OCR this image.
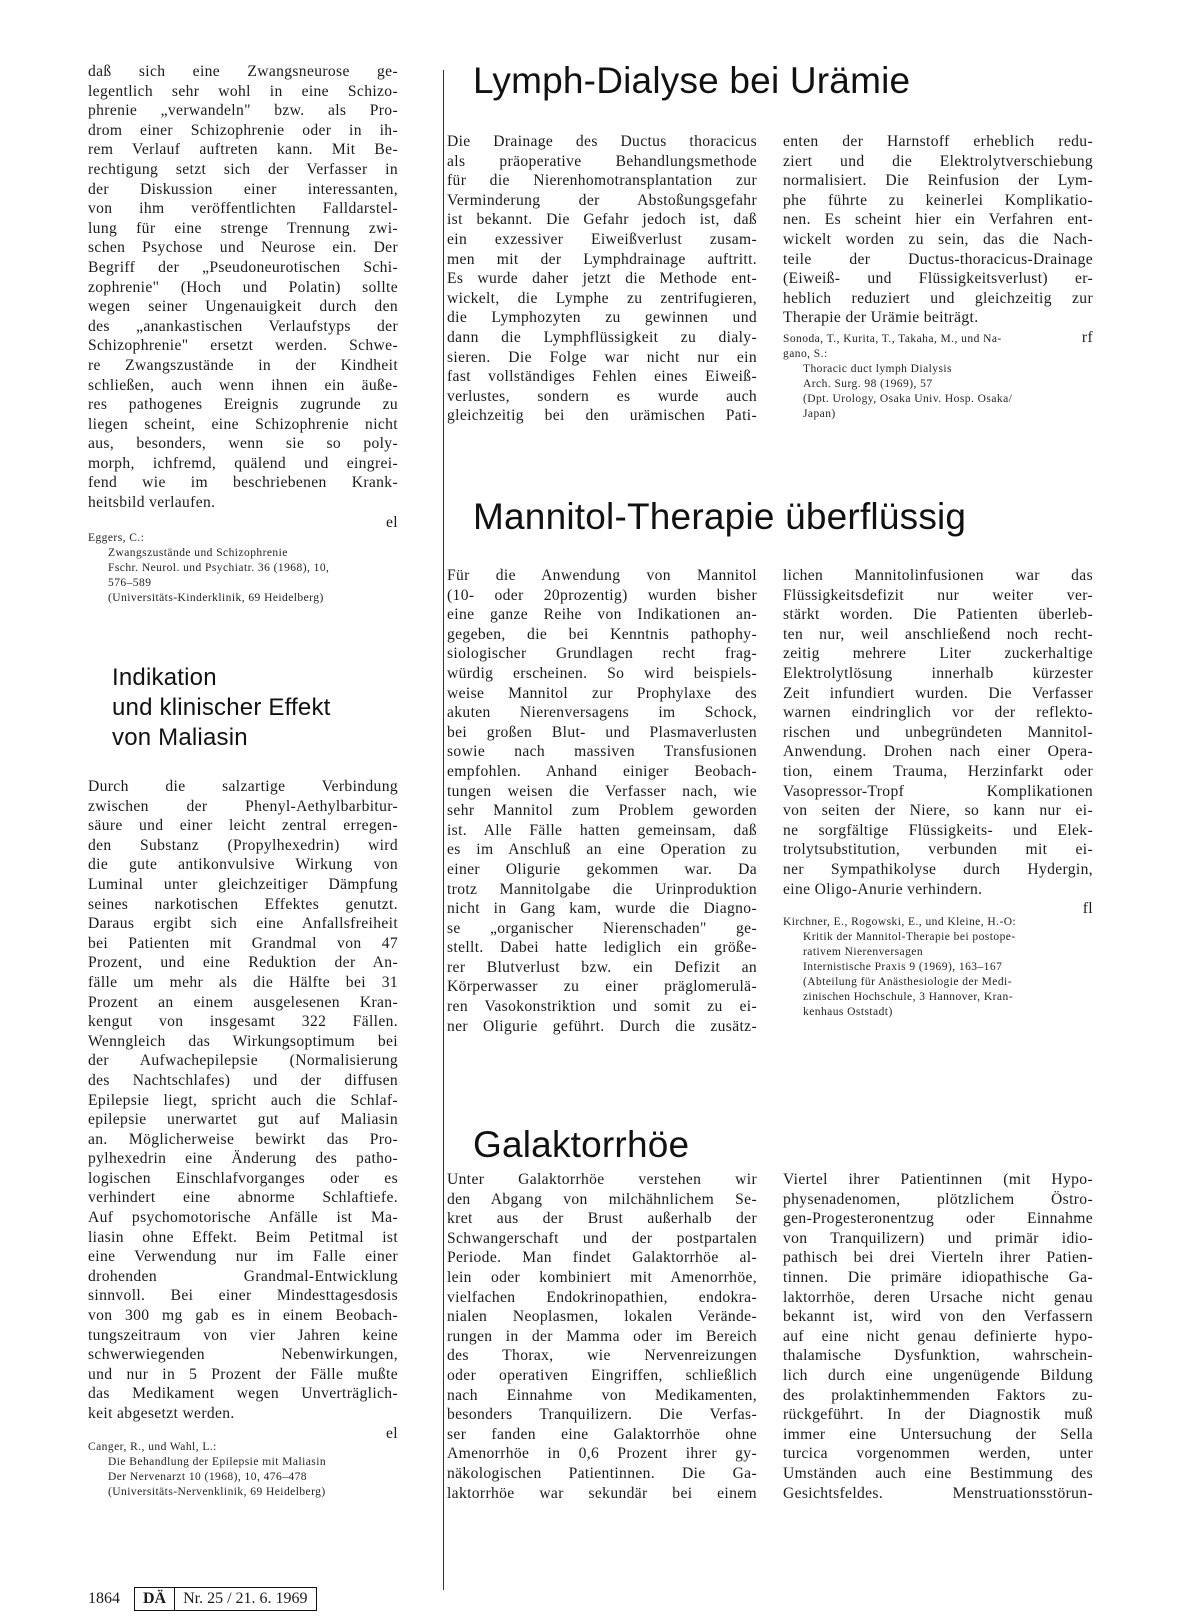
daß sich eine Zwangsneurose ge-
legentlich sehr wohl in eine Schizo-
phrenie „verwandeln" bzw. als Pro-
drom einer Schizophrenie oder in ih-
rem Verlauf auftreten kann. Mit Be-
rechtigung setzt sich der Verfasser in
der Diskussion einer interessanten,
von ihm veröffentlichten Falldarstel-
lung für eine strenge Trennung zwi-
schen Psychose und Neurose ein. Der
Begriff der „Pseudoneurotischen Schi-
zophrenie" (Hoch und Polatin) sollte
wegen seiner Ungenauigkeit durch den
des „anankastischen Verlaufstyps der
Schizophrenie" ersetzt werden. Schwe-
re Zwangszustände in der Kindheit
schließen, auch wenn ihnen ein äuße-
res pathogenes Ereignis zugrunde zu
liegen scheint, eine Schizophrenie nicht
aus, besonders, wenn sie so poly-
morph, ichfremd, quälend und eingrei-
fend wie im beschriebenen Krank-
heitsbild verlaufen.
el
Eggers, C.:
Zwangszustände und Schizophrenie
Fschr. Neurol. und Psychiatr. 36 (1968), 10,
576–589
(Universitäts-Kinderklinik, 69 Heidelberg)
Indikation
und klinischer Effekt
von Maliasin
Durch die salzartige Verbindung
zwischen der Phenyl-Aethylbarbitur-
säure und einer leicht zentral erregen-
den Substanz (Propylhexedrin) wird
die gute antikonvulsive Wirkung von
Luminal unter gleichzeitiger Dämpfung
seines narkotischen Effektes genutzt.
Daraus ergibt sich eine Anfallsfreiheit
bei Patienten mit Grandmal von 47
Prozent, und eine Reduktion der An-
fälle um mehr als die Hälfte bei 31
Prozent an einem ausgelesenen Kran-
kengut von insgesamt 322 Fällen.
Wenngleich das Wirkungsoptimum bei
der Aufwachepilepsie (Normalisierung
des Nachtschlafes) und der diffusen
Epilepsie liegt, spricht auch die Schlaf-
epilepsie unerwartet gut auf Maliasin
an. Möglicherweise bewirkt das Pro-
pylhexedrin eine Änderung des patho-
logischen Einschlafvorganges oder es
verhindert eine abnorme Schlaftiefe.
Auf psychomotorische Anfälle ist Ma-
liasin ohne Effekt. Beim Petitmal ist
eine Verwendung nur im Falle einer
drohenden Grandmal-Entwicklung
sinnvoll. Bei einer Mindesttagesdosis
von 300 mg gab es in einem Beobach-
tungszeitraum von vier Jahren keine
schwerwiegenden Nebenwirkungen,
und nur in 5 Prozent der Fälle mußte
das Medikament wegen Unverträglich-
keit abgesetzt werden.
el
Canger, R., und Wahl, L.:
Die Behandlung der Epilepsie mit Maliasin
Der Nervenarzt 10 (1968), 10, 476–478
(Universitäts-Nervenklinik, 69 Heidelberg)
Lymph-Dialyse bei Urämie
Die Drainage des Ductus thoracicus
als präoperative Behandlungsmethode
für die Nierenhomotransplantation zur
Verminderung der Abstoßungsgefahr
ist bekannt. Die Gefahr jedoch ist, daß
ein exzessiver Eiweißverlust zusam-
men mit der Lymphdrainage auftritt.
Es wurde daher jetzt die Methode ent-
wickelt, die Lymphe zu zentrifugieren,
die Lymphozyten zu gewinnen und
dann die Lymphflüssigkeit zu dialy-
sieren. Die Folge war nicht nur ein
fast vollständiges Fehlen eines Eiweiß-
verlustes, sondern es wurde auch
gleichzeitig bei den urämischen Pati-
enten der Harnstoff erheblich redu-
ziert und die Elektrolytverschiebung
normalisiert. Die Reinfusion der Lym-
phe führte zu keinerlei Komplikatio-
nen. Es scheint hier ein Verfahren ent-
wickelt worden zu sein, das die Nach-
teile der Ductus-thoracicus-Drainage
(Eiweiß- und Flüssigkeitsverlust) er-
heblich reduziert und gleichzeitig zur
Therapie der Urämie beiträgt.
rf
Sonoda, T., Kurita, T., Takaha, M., und Na-
gano, S.:
Thoracic duct lymph Dialysis
Arch. Surg. 98 (1969), 57
(Dpt. Urology, Osaka Univ. Hosp. Osaka/
Japan)
Mannitol-Therapie überflüssig
Für die Anwendung von Mannitol
(10- oder 20prozentig) wurden bisher
eine ganze Reihe von Indikationen an-
gegeben, die bei Kenntnis pathophy-
siologischer Grundlagen recht frag-
würdig erscheinen. So wird beispiels-
weise Mannitol zur Prophylaxe des
akuten Nierenversagens im Schock,
bei großen Blut- und Plasmaverlusten
sowie nach massiven Transfusionen
empfohlen. Anhand einiger Beobach-
tungen weisen die Verfasser nach, wie
sehr Mannitol zum Problem geworden
ist. Alle Fälle hatten gemeinsam, daß
es im Anschluß an eine Operation zu
einer Oligurie gekommen war. Da
trotz Mannitolgabe die Urinproduktion
nicht in Gang kam, wurde die Diagno-
se „organischer Nierenschaden" ge-
stellt. Dabei hatte lediglich ein größe-
rer Blutverlust bzw. ein Defizit an
Körperwasser zu einer präglomerulä-
ren Vasokonstriktion und somit zu ei-
ner Oligurie geführt. Durch die zusätz-
lichen Mannitolinfusionen war das
Flüssigkeitsdefizit nur weiter ver-
stärkt worden. Die Patienten überleb-
ten nur, weil anschließend noch recht-
zeitig mehrere Liter zuckerhaltige
Elektrolytlösung innerhalb kürzester
Zeit infundiert wurden. Die Verfasser
warnen eindringlich vor der reflekto-
rischen und unbegründeten Mannitol-
Anwendung. Drohen nach einer Opera-
tion, einem Trauma, Herzinfarkt oder
Vasopressor-Tropf Komplikationen
von seiten der Niere, so kann nur ei-
ne sorgfältige Flüssigkeits- und Elek-
trolytsubstitution, verbunden mit ei-
ner Sympathikolyse durch Hydergin,
eine Oligo-Anurie verhindern.
fl
Kirchner, E., Rogowski, E., und Kleine, H.-O:
Kritik der Mannitol-Therapie bei postope-
rativem Nierenversagen
Internistische Praxis 9 (1969), 163–167
(Abteilung für Anästhesiologie der Medi-
zinischen Hochschule, 3 Hannover, Kran-
kenhaus Oststadt)
Galaktorrhöe
Unter Galaktorrhöe verstehen wir
den Abgang von milchähnlichem Se-
kret aus der Brust außerhalb der
Schwangerschaft und der postpartalen
Periode. Man findet Galaktorrhöe al-
lein oder kombiniert mit Amenorrhöe,
vielfachen Endokrinopathien, endokra-
nialen Neoplasmen, lokalen Verände-
rungen in der Mamma oder im Bereich
des Thorax, wie Nervenreizungen
oder operativen Eingriffen, schließlich
nach Einnahme von Medikamenten,
besonders Tranquilizern. Die Verfas-
ser fanden eine Galaktorrhöe ohne
Amenorrhöe in 0,6 Prozent ihrer gy-
näkologischen Patientinnen. Die Ga-
laktorrhöe war sekundär bei einem
Viertel ihrer Patientinnen (mit Hypo-
physenadenomen, plötzlichem Östro-
gen-Progesteronentzug oder Einnahme
von Tranquilizern) und primär idio-
pathisch bei drei Vierteln ihrer Patien-
tinnen. Die primäre idiopathische Ga-
laktorrhöe, deren Ursache nicht genau
bekannt ist, wird von den Verfassern
auf eine nicht genau definierte hypo-
thalamische Dysfunktion, wahrschein-
lich durch eine ungenügende Bildung
des prolaktinhemmenden Faktors zu-
rückgeführt. In der Diagnostik muß
immer eine Untersuchung der Sella
turcica vorgenommen werden, unter
Umständen auch eine Bestimmung des
Gesichtsfeldes. Menstruationsstörun-
1864	DÄ	Nr. 25 / 21. 6. 1969
